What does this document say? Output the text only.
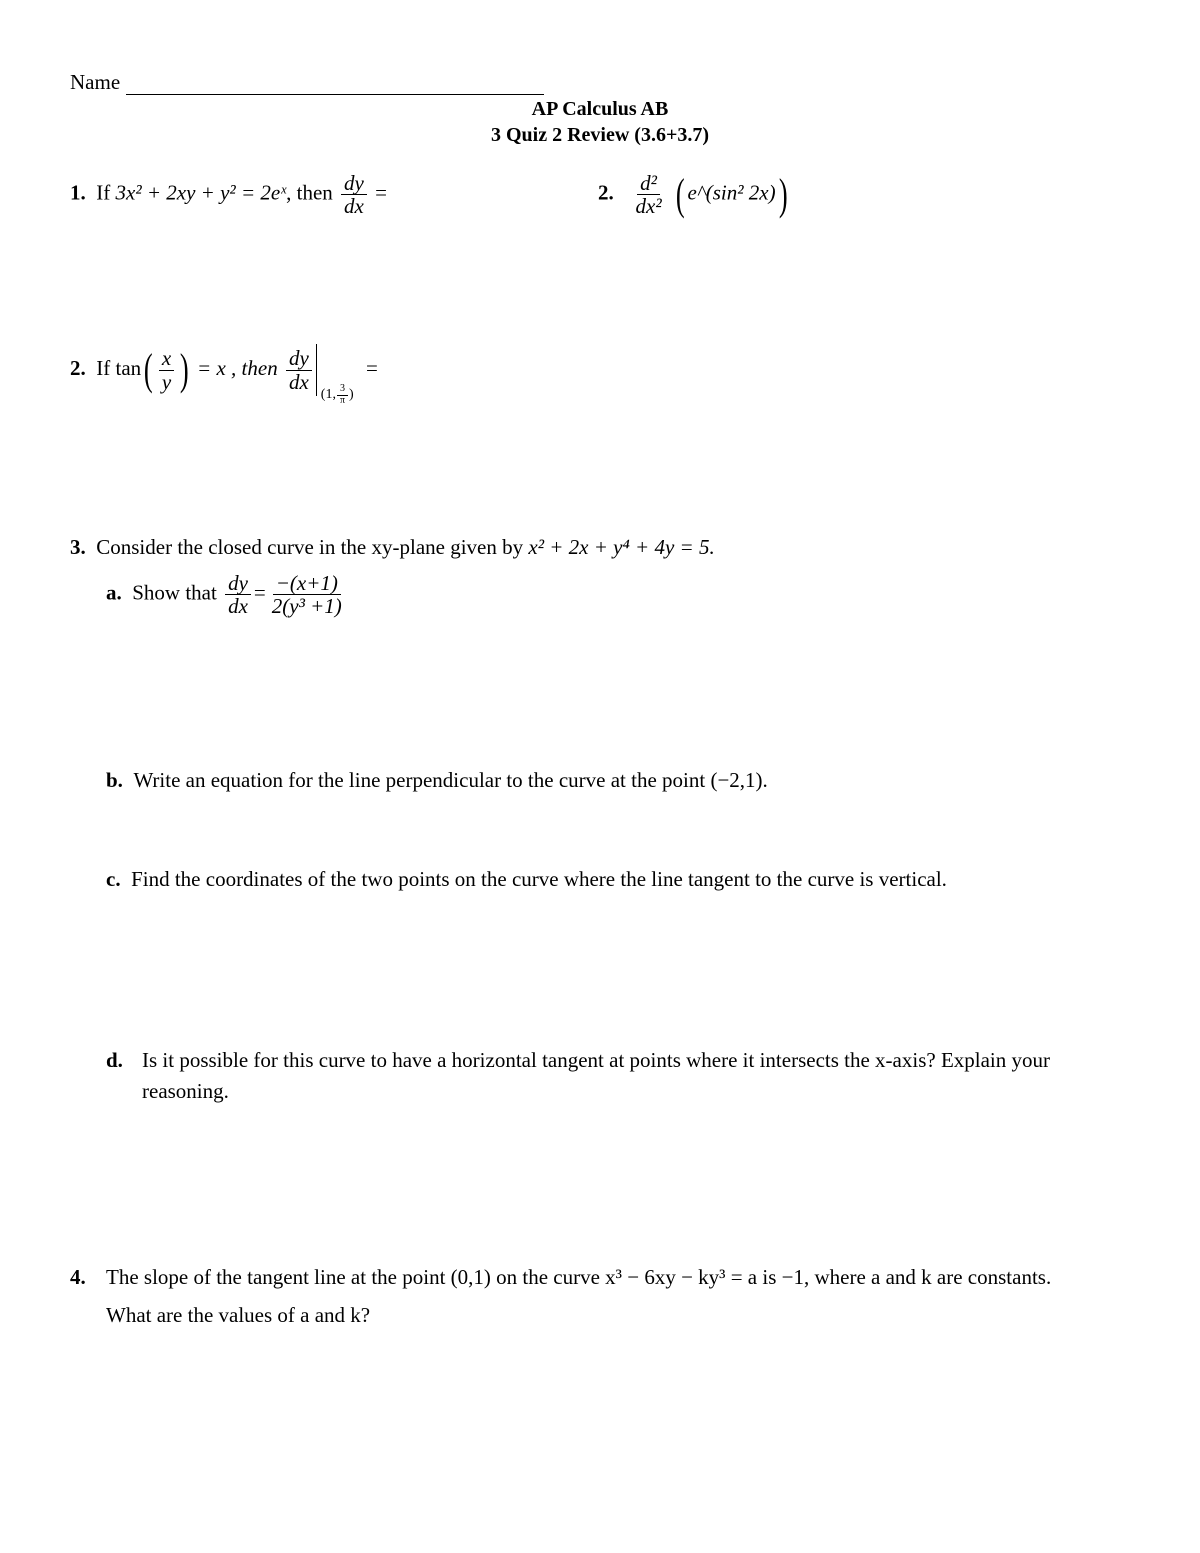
Name
AP Calculus AB
3 Quiz 2 Review (3.6+3.7)
1. If 3x² + 2xy + y² = 2eˣ, then $\frac{dy}{dx}$ =	2. $\frac{\text{d²}}{\text{dx²}}$ ( e^(sin² 2x))
2. If $\tan( \frac{x}{y}$ ) = x , then $\frac{dy}{dx}$
(1, $\frac{3}{\pi}$ )
=
3. Consider the closed curve in the xy-plane given by x² + 2x + y⁴ + 4y = 5.
a. Show that $\frac{dy}{dx} = \frac{-(x+1)}{\text{2(y³ +1)}}$
b. Write an equation for the line perpendicular to the curve at the point (−2,1).
c. Find the coordinates of the two points on the curve where the line tangent to the curve is vertical.
d. Is it possible for this curve to have a horizontal tangent at points where it intersects the x-axis? Explain your reasoning.
4. The slope of the tangent line at the point (0,1) on the curve x³ − 6xy − ky³ = a is −1, where a and k are constants. What are the values of a and k?
